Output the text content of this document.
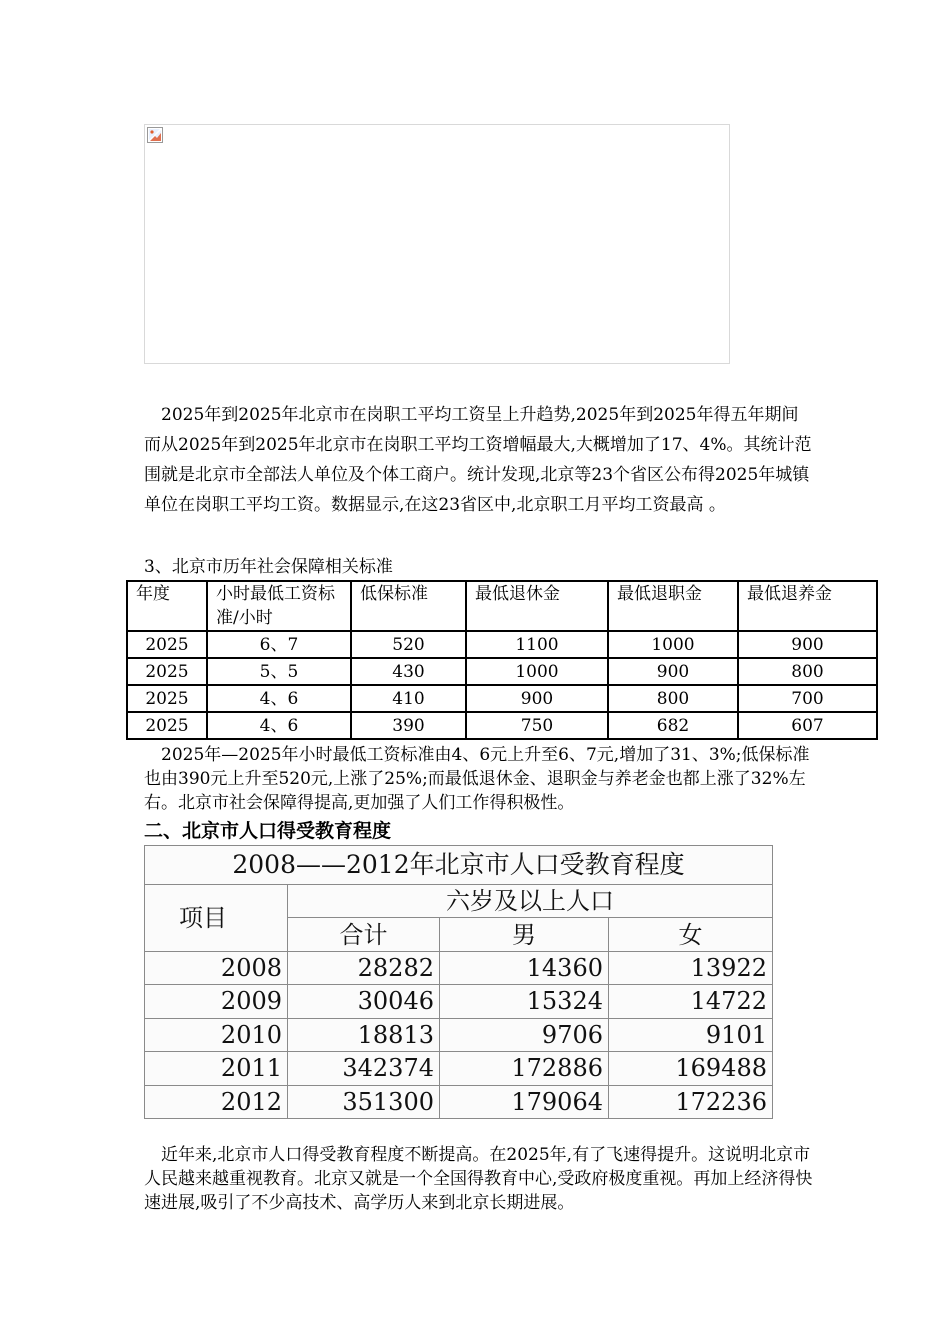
　2025年到2025年北京市在岗职工平均工资呈上升趋势,2025年到2025年得五年期间而从2025年到2025年北京市在岗职工平均工资增幅最大,大概增加了17、4%。其统计范围就是北京市全部法人单位及个体工商户。统计发现,北京等23个省区公布得2025年城镇单位在岗职工平均工资。数据显示,在这23省区中,北京职工月平均工资最高 。

3、北京市历年社会保障相关标准
年度	小时最低工资标准/小时	低保标准	最低退休金	最低退职金	最低退养金
2025	6、7	520	1100	1000	900
2025	5、5	430	1000	900	800
2025	4、6	410	900	800	700
2025	4、6	390	750	682	607

　2025年—2025年小时最低工资标准由4、6元上升至6、7元,增加了31、3%;低保标准也由390元上升至520元,上涨了25%;而最低退休金、退职金与养老金也都上涨了32%左右。北京市社会保障得提高,更加强了人们工作得积极性。

二、北京市人口得受教育程度
2008——2012年北京市人口受教育程度			
项目	六岁及以上人口		
	合计	男	女
2008	28282	14360	13922
2009	30046	15324	14722
2010	18813	9706	9101
2011	342374	172886	169488
2012	351300	179064	172236

　近年来,北京市人口得受教育程度不断提高。在2025年,有了飞速得提升。这说明北京市人民越来越重视教育。北京又就是一个全国得教育中心,受政府极度重视。再加上经济得快速进展,吸引了不少高技术、高学历人来到北京长期进展。
